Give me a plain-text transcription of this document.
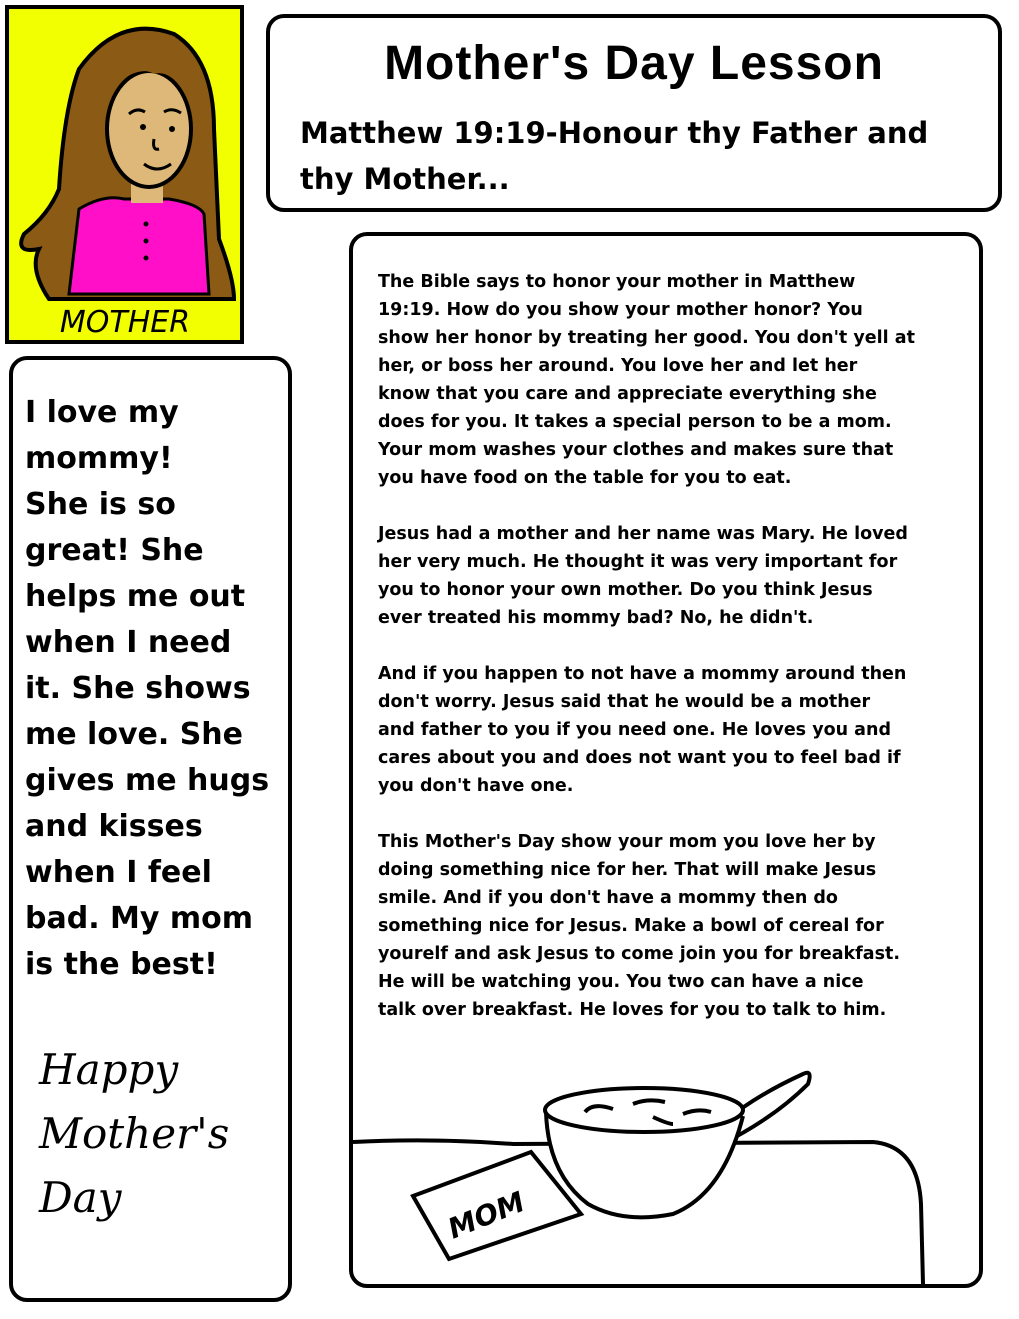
MOTHER
Mother's Day Lesson
Matthew 19:19-Honour thy Father and
thy Mother...
I love my
mommy!
She is so
great! She
helps me out
when I need
it. She shows
me love. She
gives me hugs
and kisses
when I feel
bad. My mom
is the best!
Happy
Mother's
Day
The Bible says to honor your mother in Matthew
19:19. How do you show your mother honor? You
show her honor by treating her good. You don't yell at
her, or boss her around. You love her and let her
know that you care and appreciate everything she
does for you. It takes a special person to be a mom.
Your mom washes your clothes and makes sure that
you have food on the table for you to eat.
Jesus had a mother and her name was Mary. He loved
her very much. He thought it was very important for
you to honor your own mother. Do you think Jesus
ever treated his mommy bad? No, he didn't.
And if you happen to not have a mommy around then
don't worry. Jesus said that he would be a mother
and father to you if you need one. He loves you and
cares about you and does not want you to feel bad if
you don't have one.
This Mother's Day show your mom you love her by
doing something nice for her. That will make Jesus
smile. And if you don't have a mommy then do
something nice for Jesus. Make a bowl of cereal for
yourelf and ask Jesus to come join you for breakfast.
He will be watching you. You two can have a nice
talk over breakfast. He loves for you to talk to him.
MOM
